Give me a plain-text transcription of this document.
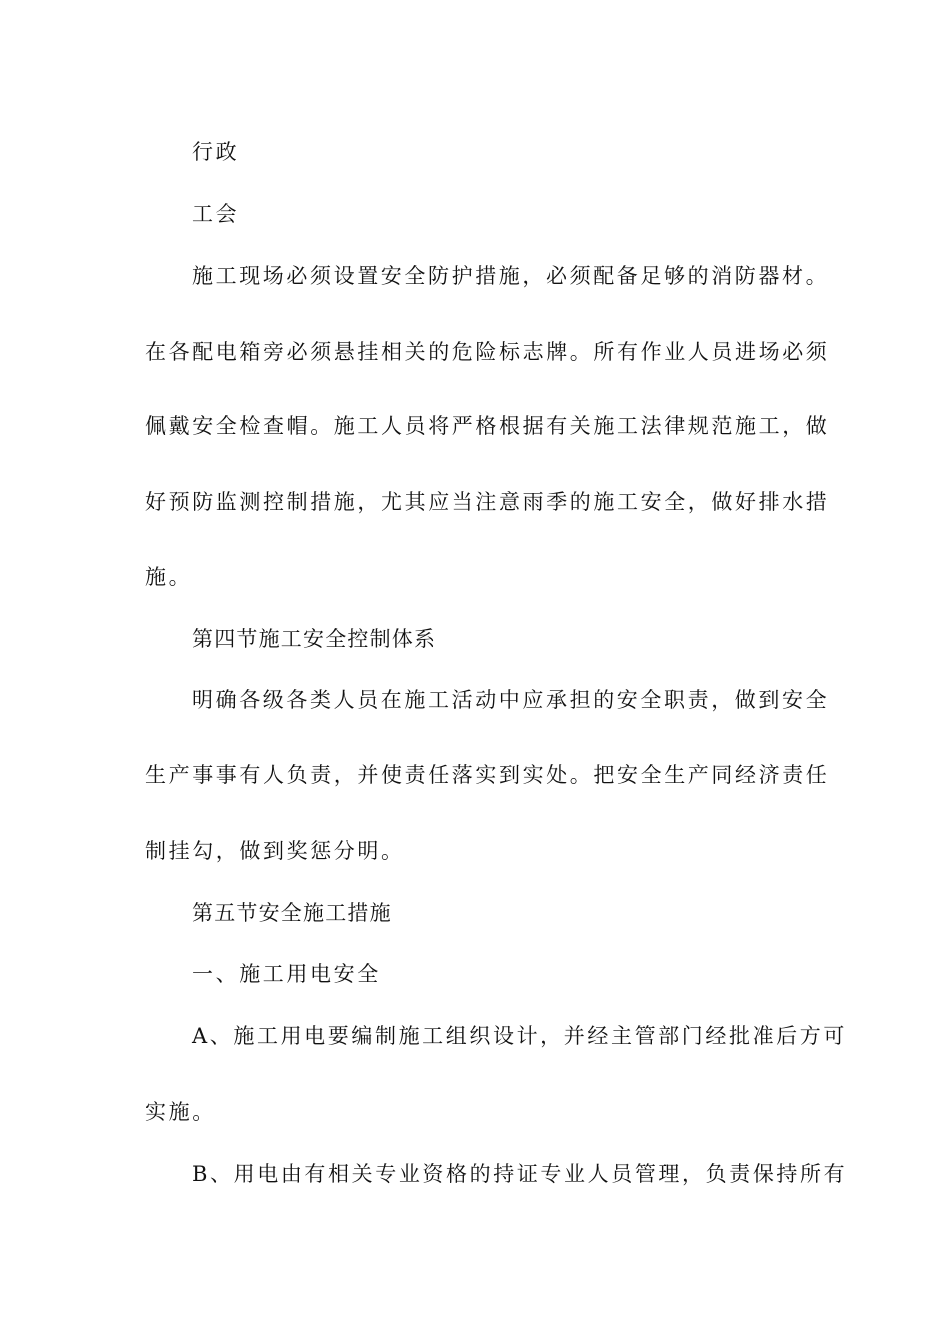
行政
工会
施工现场必须设置安全防护措施，必须配备足够的消防器材。
在各配电箱旁必须悬挂相关的危险标志牌。所有作业人员进场必须
佩戴安全检查帽。施工人员将严格根据有关施工法律规范施工，做
好预防监测控制措施，尤其应当注意雨季的施工安全，做好排水措
施。
第四节施工安全控制体系
明确各级各类人员在施工活动中应承担的安全职责，做到安全
生产事事有人负责，并使责任落实到实处。把安全生产同经济责任
制挂勾，做到奖惩分明。
第五节安全施工措施
一、施工用电安全
A、施工用电要编制施工组织设计，并经主管部门经批准后方可
实施。
B、用电由有相关专业资格的持证专业人员管理，负责保持所有
